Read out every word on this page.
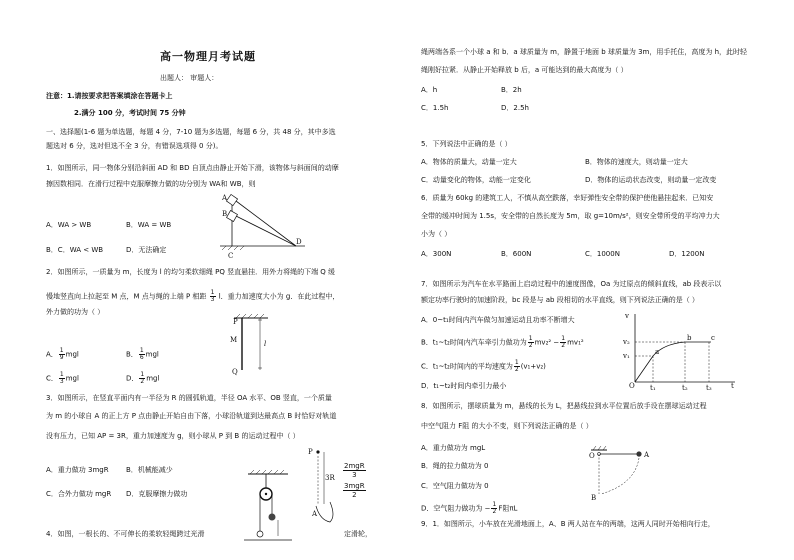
高一物理月考试题
出题人： 审题人：
注意：1.请按要求把答案填涂在答题卡上
2.满分 100 分，考试时间 75 分钟
一、选择题(1-6 题为单选题，每题 4 分，7-10 题为多选题，每题 6 分，共 48 分，其中多选
题选对 6 分，选对但选不全 3 分，有错误选项得 0 分)。
1．如图所示，同一物体分别沿斜面 AD 和 BD 自顶点由静止开始下滑，该物体与斜面间的动摩
擦因数相同．在滑行过程中克服摩擦力做的功分别为 WA和 WB，则
A．WA > WB	B．WA = WB
B．C．WA < WB	D．无法确定
A
B
C
D
2．如图所示，一质量为 m，长度为 l 的均匀柔软细绳 PQ 竖直悬挂．用外力将绳的下端 Q 缓
慢地竖直向上拉起至 M 点，M 点与绳的上端 P 相距 $\frac{1}{3}$ l．重力加速度大小为 g．在此过程中，
外力做的功为（ ）
A． $\frac{1}{9}$ mgl	B． $\frac{1}{6}$ mgl
C． $\frac{1}{3}$ mgl	D． $\frac{1}{2}$ mgl
P
M
Q
l
3．如图所示，在竖直平面内有一半径为 R 的圆弧轨道，半径 OA 水平、OB 竖直，一个质量
为 m 的小球自 A 的正上方 P 点由静止开始自由下落，小球沿轨道到达最高点 B 时恰好对轨道
没有压力，已知 AP = 3R，重力加速度为 g，则小球从 P 到 B 的运动过程中（ ）
A．重力做功 3mgR B．机械能减少
C．合外力做功 mgR D．克服摩擦力做功
$\frac{\text{2mgR}}{3}$
$\frac{\text{3mgR}}{2}$
P
3R
A
4．如图，一根长的、不可伸长的柔软轻绳跨过光滑	定滑轮，
绳两端各系一个小球 a 和 b．a 球质量为 m，静置于地面 b 球质量为 3m，用手托住，高度为 h，此时轻
绳刚好拉紧．从静止开始释放 b 后，a 可能达到的最大高度为（ ）
A．h	B．2h
C．1.5h	D．2.5h
5．下列说法中正确的是（ ）
A．物体的质量大，动量一定大	B．物体的速度大，则动量一定大
C．动量变化的物体，动能一定变化	D．物体的运动状态改变，则动量一定改变
6．质量为 60kg 的建筑工人，不慎从高空跌落，幸好弹性安全带的保护使他悬挂起来．已知安
全带的缓冲时间为 1.5s，安全带的自然长度为 5m，取 g=10m/s²，则安全带所受的平均冲力大
小为（ ）
A．300N	B．600N	C．1000N	D．1200N
7．如图所示为汽车在水平路面上启动过程中的速度图像，Oa 为过原点的倾斜直线，ab 段表示以
额定功率行驶时的加速阶段，bc 段是与 ab 段相切的水平直线，则下列说法正确的是（ ）
A．0~t₁时间内汽车做匀加速运动且功率不断增大
B．t₁~t₂时间内汽车牵引力做功为 $\frac{1}{2} mv_2^2 - \frac{1}{2} mv_1^2$
C．t₁~t₂时间内的平均速度为 $\frac{1}{2} (v_1+v_2)$
D．t₁~t₂时间内牵引力最小
v
v₂
v₁
O	t
t₁	t₂	t₃
a
b	c
8．如图所示，摆球质量为 m，悬线的长为 L，把悬线拉到水平位置后放手设在摆球运动过程
中空气阻力 F阻 的大小不变，则下列说法正确的是（ ）
A．重力做功为 mgL
B．绳的拉力做功为 0
C．空气阻力做功为 0
D．空气阻力做功为 − $\frac{1}{2}$ F阻πL
O	A
B
9．1．如图所示，小车放在光滑地面上，A、B 两人站在车的两端，这两人同时开始相向行走，
